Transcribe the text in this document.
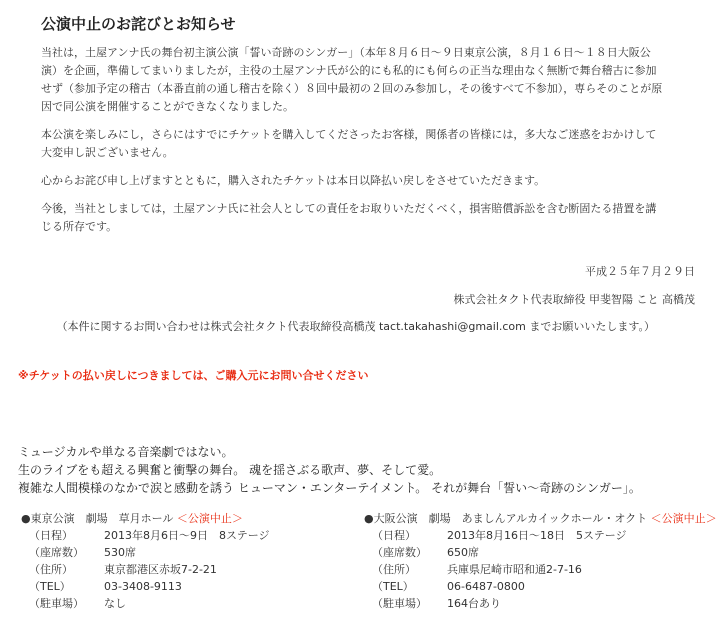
公演中止のお詫びとお知らせ

当社は，土屋アンナ氏の舞台初主演公演「誓い奇跡のシンガー」（本年８月６日〜９日東京公演，８月１６日〜１８日大阪公演）を企画，準備してまいりましたが，主役の土屋アンナ氏が公的にも私的にも何らの正当な理由なく無断で舞台稽古に参加せず（参加予定の稽古（本番直前の通し稽古を除く）８回中最初の２回のみ参加し，その後すべて不参加），専らそのことが原因で同公演を開催することができなくなりました。

本公演を楽しみにし，さらにはすでにチケットを購入してくださったお客様，関係者の皆様には，多大なご迷惑をおかけして大変申し訳ございません。

心からお詫び申し上げますとともに，購入されたチケットは本日以降払い戻しをさせていただきます。

今後，当社としましては，土屋アンナ氏に社会人としての責任をお取りいただくべく，損害賠償訴訟を含む断固たる措置を講じる所存です。

平成２５年７月２９日

株式会社タクト代表取締役 甲斐智陽 こと 高橋茂

（本件に関するお問い合わせは株式会社タクト代表取締役高橋茂 tact.takahashi@gmail.com までお願いいたします。）

※チケットの払い戻しにつきましては、ご購入元にお問い合せください
ミュージカルや単なる音楽劇ではない。
生のライブをも超える興奮と衝撃の舞台。 魂を揺さぶる歌声、夢、そして愛。
複雑な人間模様のなかで涙と感動を誘う ヒューマン・エンターテイメント。 それが舞台「誓い〜奇跡のシンガー」。
●東京公演　劇場　草月ホール ＜公演中止＞
（日程）	2013年8月6日〜9日　8ステージ
（座席数）	530席
（住所）	東京都港区赤坂7-2-21
（TEL）	03-3408-9113
（駐車場）	なし
●大阪公演　劇場　あましんアルカイックホール・オクト ＜公演中止＞
（日程）	2013年8月16日〜18日　5ステージ
（座席数）	650席
（住所）	兵庫県尼崎市昭和通2-7-16
（TEL）	06-6487-0800
（駐車場）	164台あり
